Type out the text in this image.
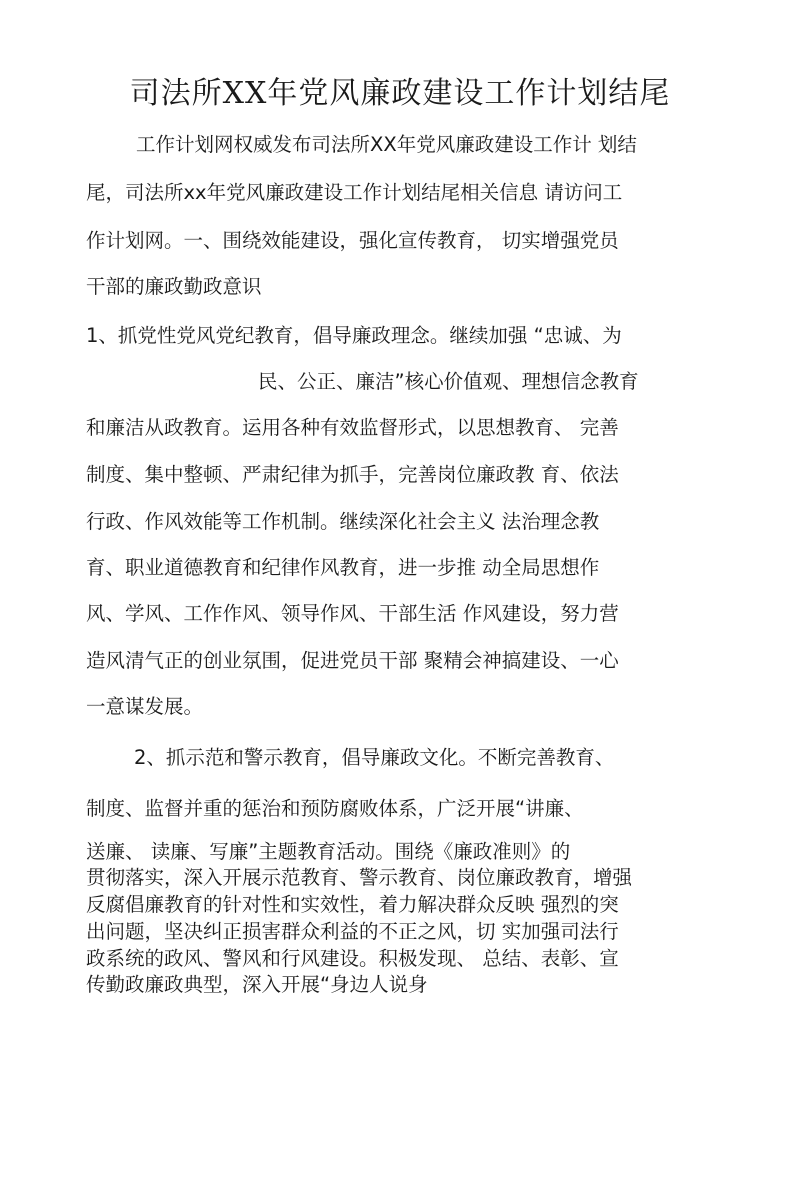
司法所XX年党风廉政建设工作计划结尾
工作计划网权威发布司法所XX年党风廉政建设工作计 划结
尾，司法所xx年党风廉政建设工作计划结尾相关信息 请访问工
作计划网。一、围绕效能建设，强化宣传教育， 切实增强党员
干部的廉政勤政意识
1、抓党性党风党纪教育，倡导廉政理念。继续加强 “忠诚、为
民、公正、廉洁”核心价值观、理想信念教育
和廉洁从政教育。运用各种有效监督形式，以思想教育、 完善
制度、集中整顿、严肃纪律为抓手，完善岗位廉政教 育、依法
行政、作风效能等工作机制。继续深化社会主义 法治理念教
育、职业道德教育和纪律作风教育，进一步推 动全局思想作
风、学风、工作作风、领导作风、干部生活 作风建设，努力营
造风清气正的创业氛围，促进党员干部 聚精会神搞建设、一心
一意谋发展。
2、抓示范和警示教育，倡导廉政文化。不断完善教育、
制度、监督并重的惩治和预防腐败体系，广泛开展“讲廉、
送廉、 读廉、写廉”主题教育活动。围绕《廉政准则》的
贯彻落实，深入开展示范教育、警示教育、岗位廉政教育，增强
反腐倡廉教育的针对性和实效性，着力解决群众反映 强烈的突
出问题，坚决纠正损害群众利益的不正之风，切 实加强司法行
政系统的政风、警风和行风建设。积极发现、 总结、表彰、宣
传勤政廉政典型，深入开展“身边人说身
